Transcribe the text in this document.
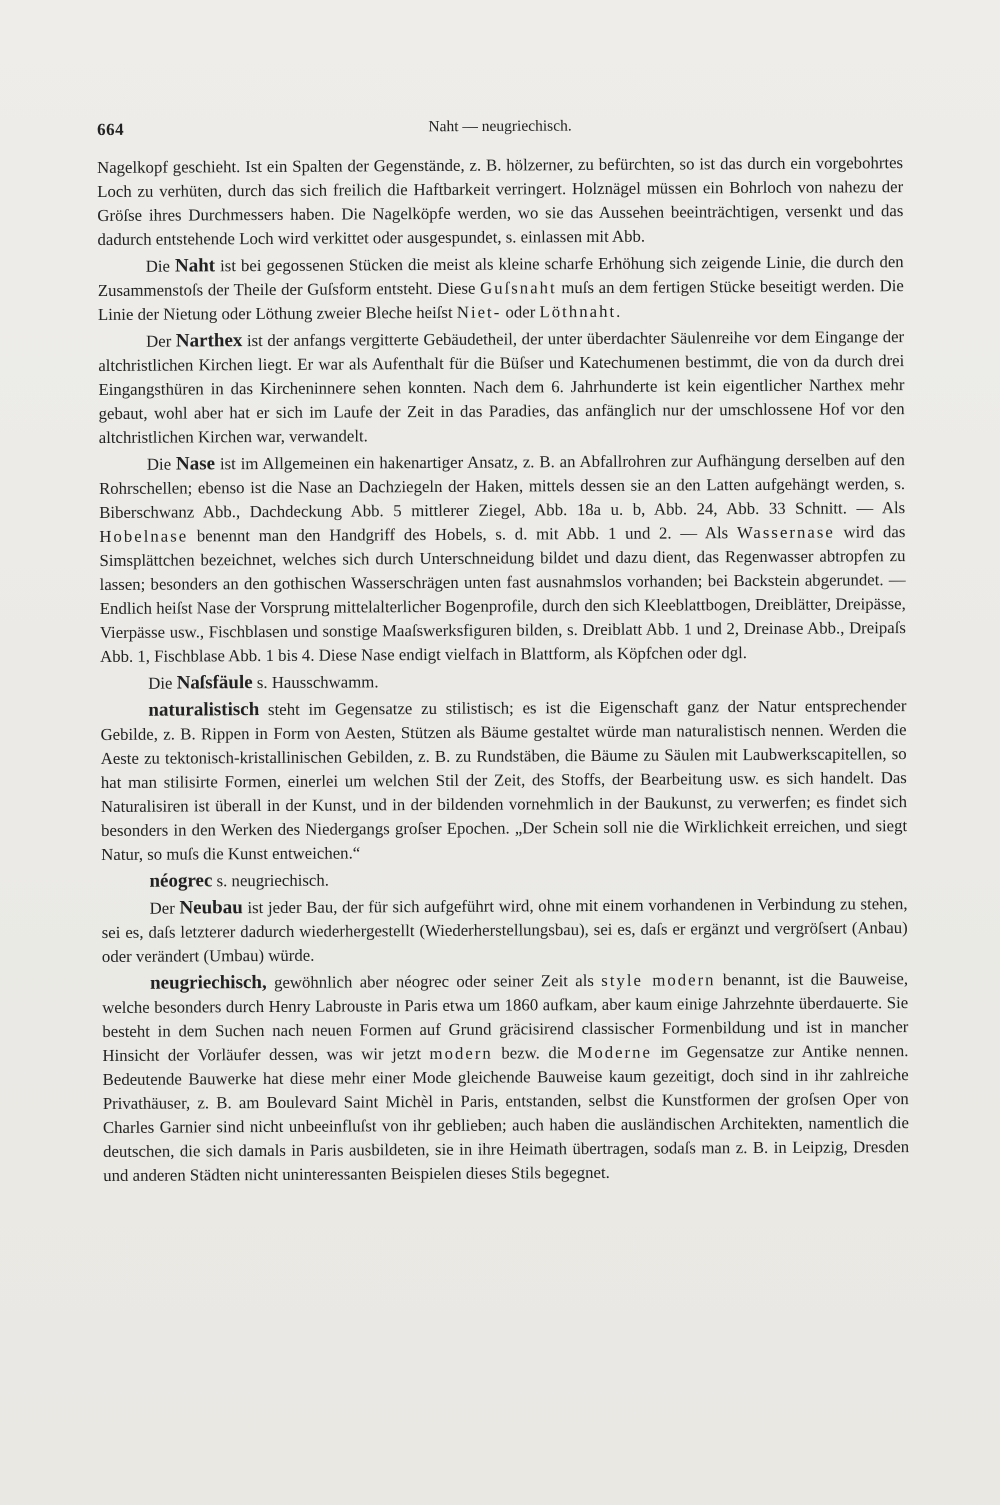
664	Naht — neugriechisch.

Nagelkopf geschieht. Ist ein Spalten der Gegenstände, z. B. hölzerner, zu befürchten, so ist das durch ein vorgebohrtes Loch zu verhüten, durch das sich freilich die Haftbarkeit verringert. Holznägel müssen ein Bohrloch von nahezu der Gröſse ihres Durchmessers haben. Die Nagelköpfe werden, wo sie das Aussehen beeinträchtigen, versenkt und das dadurch entstehende Loch wird verkittet oder ausgespundet, s. einlassen mit Abb.

Die Naht ist bei gegossenen Stücken die meist als kleine scharfe Erhöhung sich zeigende Linie, die durch den Zusammenstoſs der Theile der Guſsform entsteht. Diese Guſsnaht muſs an dem fertigen Stücke beseitigt werden. Die Linie der Nietung oder Löthung zweier Bleche heiſst Niet- oder Löthnaht.

Der Narthex ist der anfangs vergitterte Gebäudetheil, der unter überdachter Säulenreihe vor dem Eingange der altchristlichen Kirchen liegt. Er war als Aufenthalt für die Büſser und Katechumenen bestimmt, die von da durch drei Eingangsthüren in das Kircheninnere sehen konnten. Nach dem 6. Jahrhunderte ist kein eigentlicher Narthex mehr gebaut, wohl aber hat er sich im Laufe der Zeit in das Paradies, das anfänglich nur der umschlossene Hof vor den altchristlichen Kirchen war, verwandelt.

Die Nase ist im Allgemeinen ein hakenartiger Ansatz, z. B. an Abfallrohren zur Aufhängung derselben auf den Rohrschellen; ebenso ist die Nase an Dachziegeln der Haken, mittels dessen sie an den Latten aufgehängt werden, s. Biberschwanz Abb., Dachdeckung Abb. 5 mittlerer Ziegel, Abb. 18a u. b, Abb. 24, Abb. 33 Schnitt. — Als Hobelnase benennt man den Handgriff des Hobels, s. d. mit Abb. 1 und 2. — Als Wassernase wird das Simsplättchen bezeichnet, welches sich durch Unterschneidung bildet und dazu dient, das Regenwasser abtropfen zu lassen; besonders an den gothischen Wasserschrägen unten fast ausnahmslos vorhanden; bei Backstein abgerundet. — Endlich heiſst Nase der Vorsprung mittelalterlicher Bogenprofile, durch den sich Kleeblattbogen, Dreiblätter, Dreipässe, Vierpässe usw., Fischblasen und sonstige Maaſswerksfiguren bilden, s. Dreiblatt Abb. 1 und 2, Dreinase Abb., Dreipaſs Abb. 1, Fischblase Abb. 1 bis 4. Diese Nase endigt vielfach in Blattform, als Köpfchen oder dgl.

Die Naſsfäule s. Hausschwamm.

naturalistisch steht im Gegensatze zu stilistisch; es ist die Eigenschaft ganz der Natur entsprechender Gebilde, z. B. Rippen in Form von Aesten, Stützen als Bäume gestaltet würde man naturalistisch nennen. Werden die Aeste zu tektonisch-kristallinischen Gebilden, z. B. zu Rundstäben, die Bäume zu Säulen mit Laubwerkscapitellen, so hat man stilisirte Formen, einerlei um welchen Stil der Zeit, des Stoffs, der Bearbeitung usw. es sich handelt. Das Naturalisiren ist überall in der Kunst, und in der bildenden vornehmlich in der Baukunst, zu verwerfen; es findet sich besonders in den Werken des Niedergangs groſser Epochen. „Der Schein soll nie die Wirklichkeit erreichen, und siegt Natur, so muſs die Kunst entweichen.“

néogrec s. neugriechisch.

Der Neubau ist jeder Bau, der für sich aufgeführt wird, ohne mit einem vorhandenen in Verbindung zu stehen, sei es, daſs letzterer dadurch wiederhergestellt (Wiederherstellungsbau), sei es, daſs er ergänzt und vergröſsert (Anbau) oder verändert (Umbau) würde.

neugriechisch, gewöhnlich aber néogrec oder seiner Zeit als style modern benannt, ist die Bauweise, welche besonders durch Henry Labrouste in Paris etwa um 1860 aufkam, aber kaum einige Jahrzehnte überdauerte. Sie besteht in dem Suchen nach neuen Formen auf Grund gräcisirend classischer Formenbildung und ist in mancher Hinsicht der Vorläufer dessen, was wir jetzt modern bezw. die Moderne im Gegensatze zur Antike nennen. Bedeutende Bauwerke hat diese mehr einer Mode gleichende Bauweise kaum gezeitigt, doch sind in ihr zahlreiche Privathäuser, z. B. am Boulevard Saint Michèl in Paris, entstanden, selbst die Kunstformen der groſsen Oper von Charles Garnier sind nicht unbeeinfluſst von ihr geblieben; auch haben die ausländischen Architekten, namentlich die deutschen, die sich damals in Paris ausbildeten, sie in ihre Heimath übertragen, sodaſs man z. B. in Leipzig, Dresden und anderen Städten nicht uninteressanten Beispielen dieses Stils begegnet.
